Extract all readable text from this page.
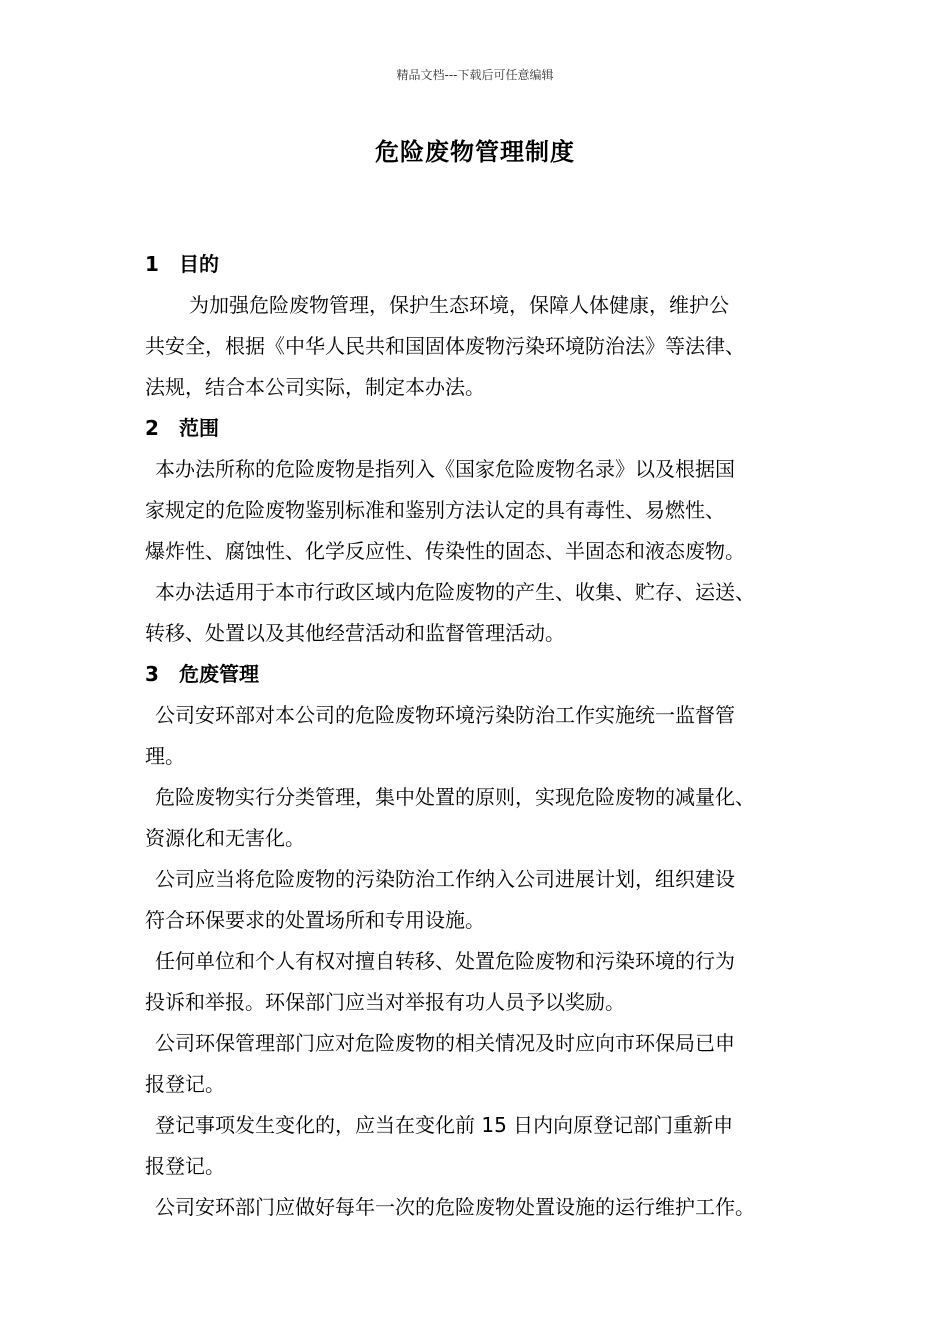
精品文档---下载后可任意编辑
危险废物管理制度
1 目的
为加强危险废物管理，保护生态环境，保障人体健康，维护公
共安全，根据《中华人民共和国固体废物污染环境防治法》等法律、
法规，结合本公司实际，制定本办法。
2 范围
本办法所称的危险废物是指列入《国家危险废物名录》以及根据国
家规定的危险废物鉴别标准和鉴别方法认定的具有毒性、易燃性、
爆炸性、腐蚀性、化学反应性、传染性的固态、半固态和液态废物。
本办法适用于本市行政区域内危险废物的产生、收集、贮存、运送、
转移、处置以及其他经营活动和监督管理活动。
3 危废管理
公司安环部对本公司的危险废物环境污染防治工作实施统一监督管
理。
危险废物实行分类管理，集中处置的原则，实现危险废物的减量化、
资源化和无害化。
公司应当将危险废物的污染防治工作纳入公司进展计划，组织建设
符合环保要求的处置场所和专用设施。
任何单位和个人有权对擅自转移、处置危险废物和污染环境的行为
投诉和举报。环保部门应当对举报有功人员予以奖励。
公司环保管理部门应对危险废物的相关情况及时应向市环保局已申
报登记。
登记事项发生变化的，应当在变化前 15 日内向原登记部门重新申
报登记。
公司安环部门应做好每年一次的危险废物处置设施的运行维护工作。
